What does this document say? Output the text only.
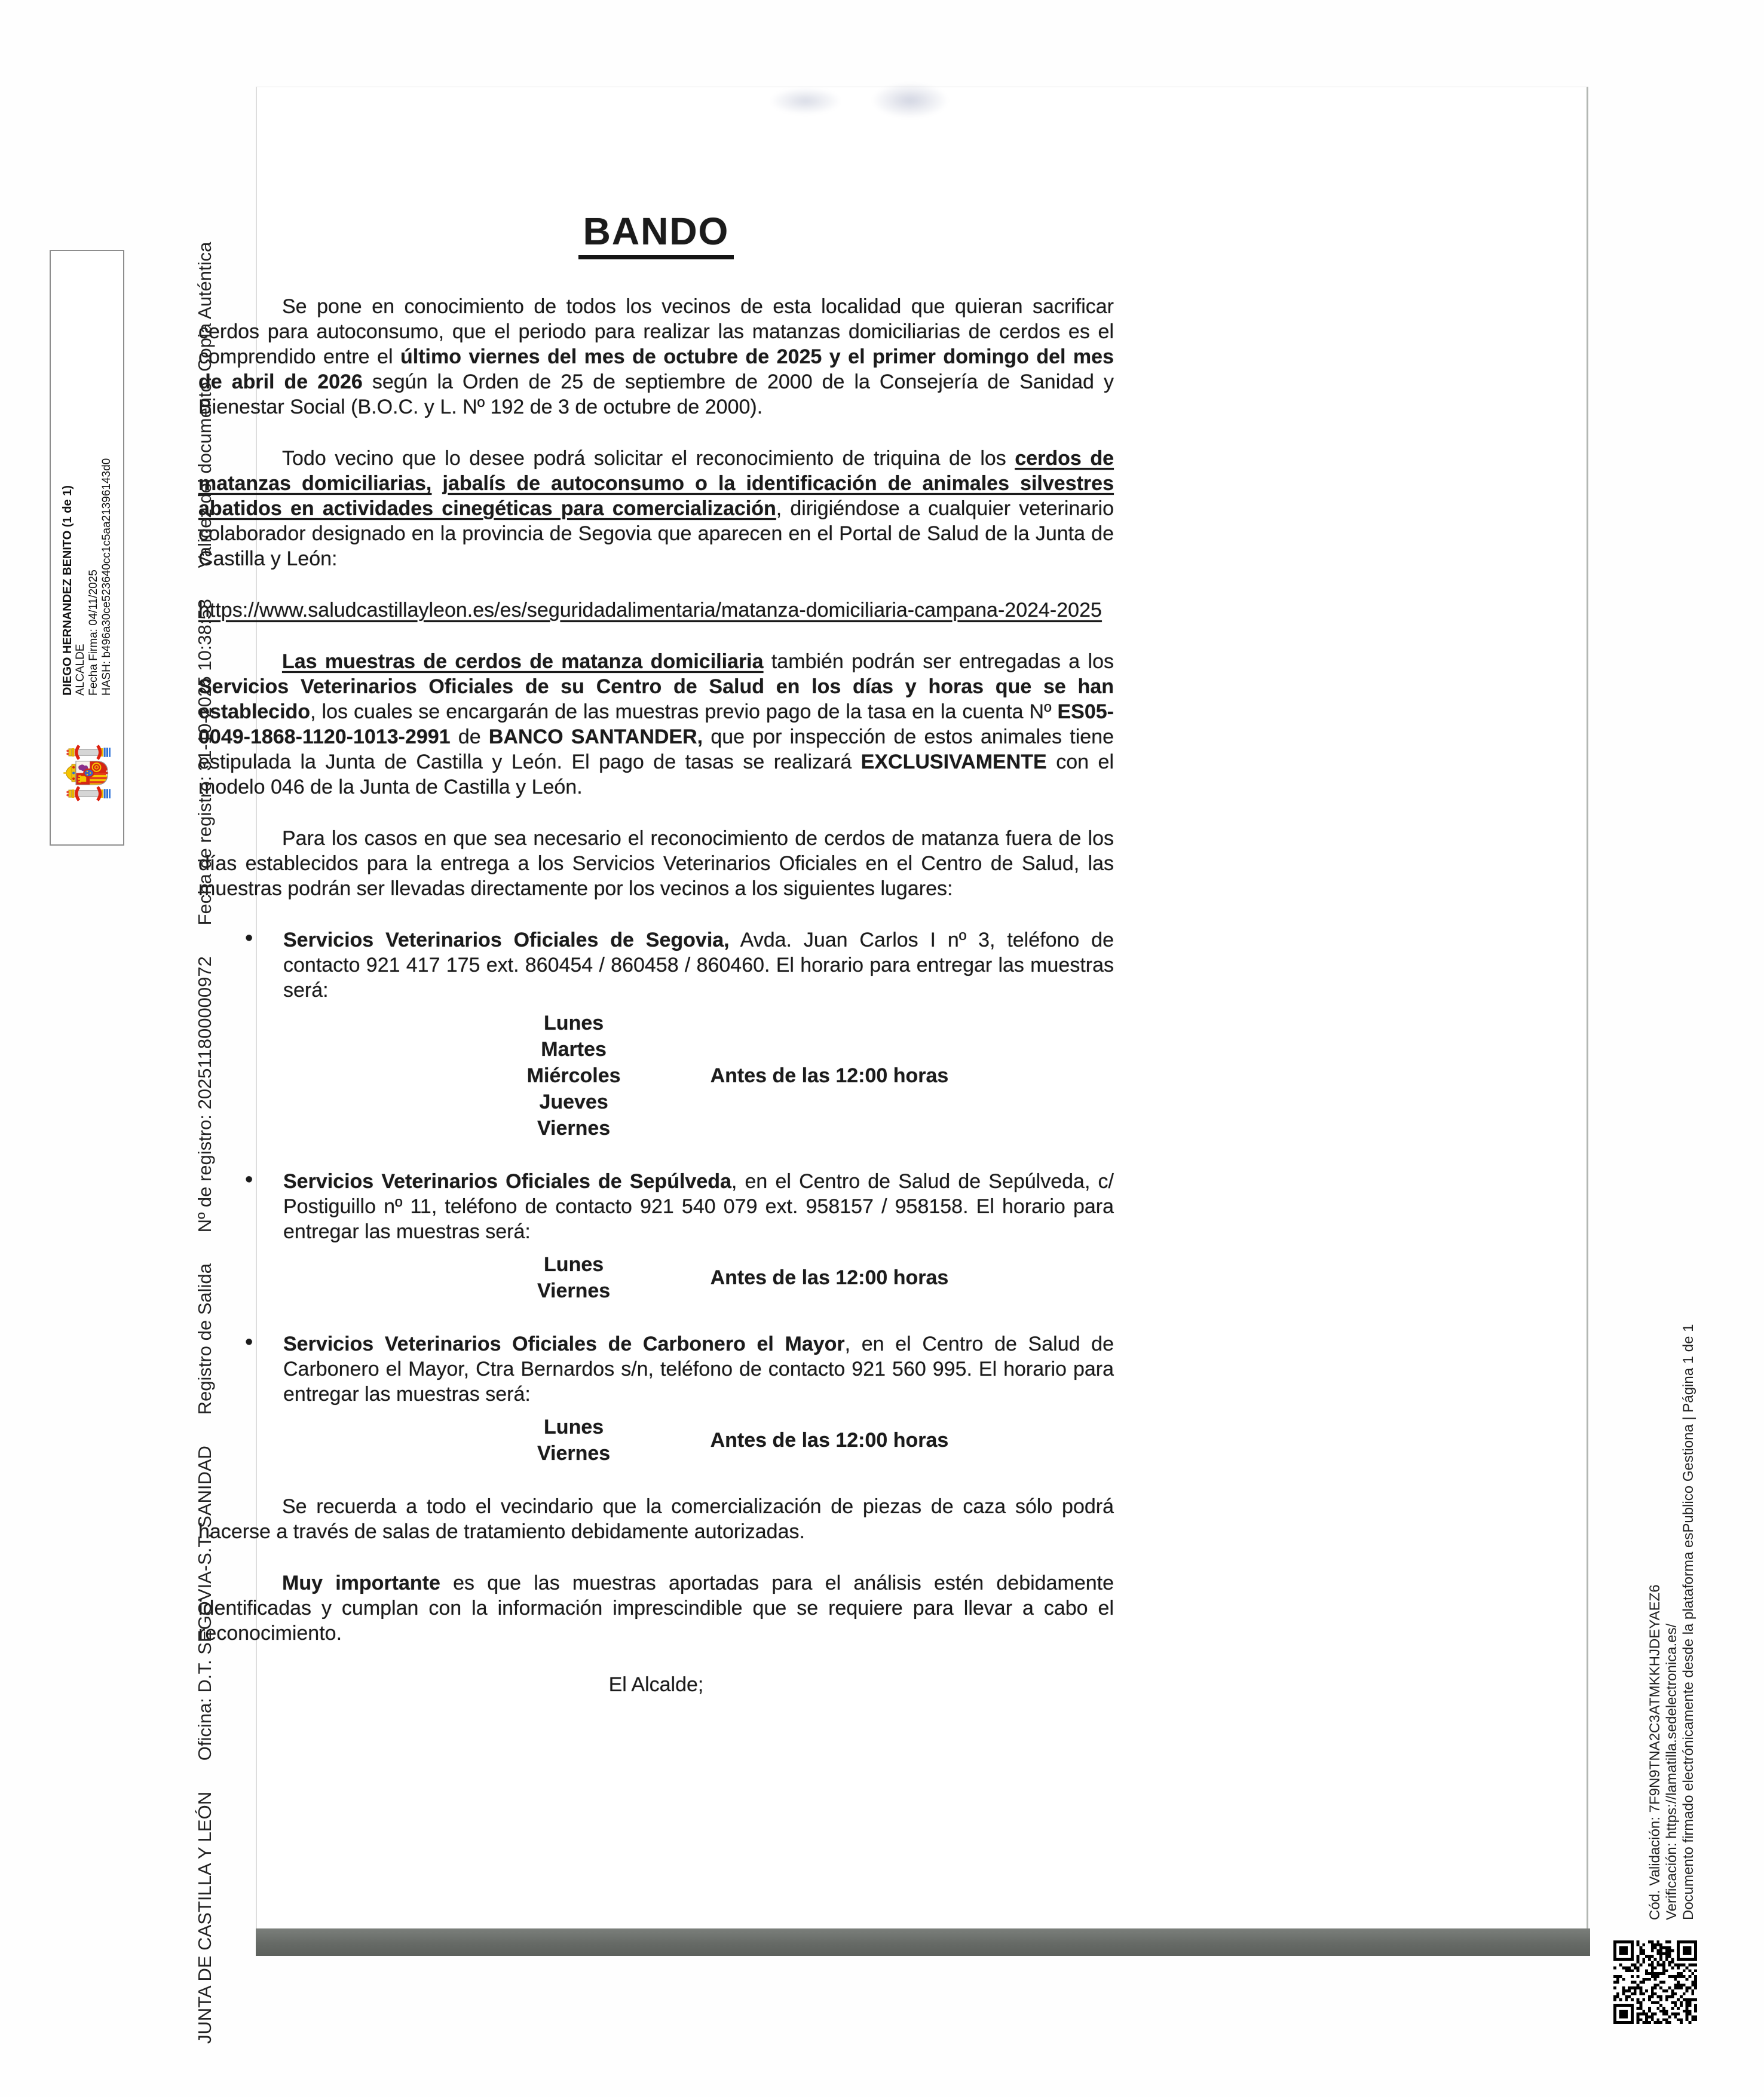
BANDO

Se pone en conocimiento de todos los vecinos de esta localidad que quieran sacrificar cerdos para autoconsumo, que el periodo para realizar las matanzas domiciliarias de cerdos es el comprendido entre el último viernes del mes de octubre de 2025 y el primer domingo del mes de abril de 2026 según la Orden de 25 de septiembre de 2000 de la Consejería de Sanidad y Bienestar Social (B.O.C. y L. Nº 192 de 3 de octubre de 2000).

Todo vecino que lo desee podrá solicitar el reconocimiento de triquina de los cerdos de matanzas domiciliarias, jabalís de autoconsumo o la identificación de animales silvestres abatidos en actividades cinegéticas para comercialización, dirigiéndose a cualquier veterinario colaborador designado en la provincia de Segovia que aparecen en el Portal de Salud de la Junta de Castilla y León:

https://www.saludcastillayleon.es/es/seguridadalimentaria/matanza-domiciliaria-campana-2024-2025

Las muestras de cerdos de matanza domiciliaria también podrán ser entregadas a los Servicios Veterinarios Oficiales de su Centro de Salud en los días y horas que se han establecido, los cuales se encargarán de las muestras previo pago de la tasa en la cuenta Nº ES05-0049-1868-1120-1013-2991 de BANCO SANTANDER, que por inspección de estos animales tiene estipulada la Junta de Castilla y León. El pago de tasas se realizará EXCLUSIVAMENTE con el modelo 046 de la Junta de Castilla y León.

Para los casos en que sea necesario el reconocimiento de cerdos de matanza fuera de los días establecidos para la entrega a los Servicios Veterinarios Oficiales en el Centro de Salud, las muestras podrán ser llevadas directamente por los vecinos a los siguientes lugares:

• Servicios Veterinarios Oficiales de Segovia, Avda. Juan Carlos I nº 3, teléfono de contacto 921 417 175 ext. 860454 / 860458 / 860460. El horario para entregar las muestras será:
Lunes
Martes
Miércoles
Jueves
Viernes
Antes de las 12:00 horas
• Servicios Veterinarios Oficiales de Sepúlveda, en el Centro de Salud de Sepúlveda, c/ Postiguillo nº 11, teléfono de contacto 921 540 079 ext. 958157 / 958158. El horario para entregar las muestras será:
Lunes
Viernes
Antes de las 12:00 horas
• Servicios Veterinarios Oficiales de Carbonero el Mayor, en el Centro de Salud de Carbonero el Mayor, Ctra Bernardos s/n, teléfono de contacto 921 560 995. El horario para entregar las muestras será:
Lunes
Viernes
Antes de las 12:00 horas

Se recuerda a todo el vecindario que la comercialización de piezas de caza sólo podrá hacerse a través de salas de tratamiento debidamente autorizadas.

Muy importante es que las muestras aportadas para el análisis estén debidamente identificadas y cumplan con la información imprescindible que se requiere para llevar a cabo el reconocimiento.

El Alcalde;

JUNTA DE CASTILLA Y LEÓN      Oficina: D.T. SEGOVIA-S.T. SANIDAD      Registro de Salida      Nº de registro: 202511800000972      Fecha de registro: 31-10-2025 10:38:58      Validez del documento: Copia Auténtica	Cód. Validación: 7F9N9TNA2C3ATMKKHJDEYAEZ6 Verificación: https://lamatilla.sedelectronica.es/ Documento firmado electrónicamente desde la plataforma esPublico Gestiona | Página 1 de 1
DIEGO HERNANDEZ BENITO (1 de 1) ALCALDE Fecha Firma: 04/11/2025 HASH: b496a30ce523640cc1c5aa21396143d0
